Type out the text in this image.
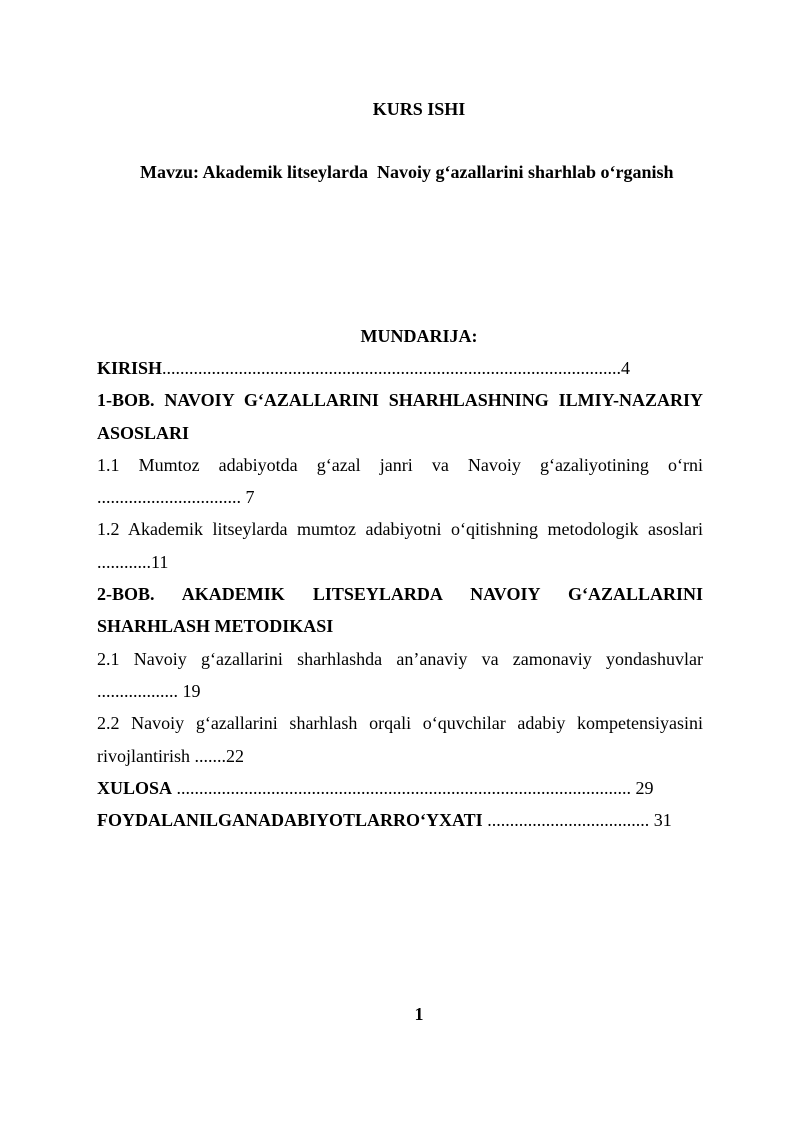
KURS ISHI

Mavzu: Akademik litseylarda  Navoiy g‘azallarini sharhlab o‘rganish

MUNDARIJA:

KIRISH......................................................................................................4

1-BOB. NAVOIY G‘AZALLARINI SHARHLASHNING ILMIY-NAZARIY ASOSLARI

1.1 Mumtoz adabiyotda g‘azal janri va Navoiy g‘azaliyotining o‘rni ................................ 7

1.2 Akademik litseylarda mumtoz adabiyotni o‘qitishning metodologik asoslari ............11

2-BOB. AKADEMIK LITSEYLARDA NAVOIY G‘AZALLARINI SHARHLASH METODIKASI

2.1 Navoiy g‘azallarini sharhlashda an’anaviy va zamonaviy yondashuvlar .................. 19

2.2 Navoiy g‘azallarini sharhlash orqali o‘quvchilar adabiy kompetensiyasini rivojlantirish .......22

XULOSA ..................................................................................................... 29

FOYDALANILGANADABIYOTLARRO‘YXATI .................................... 31

1
